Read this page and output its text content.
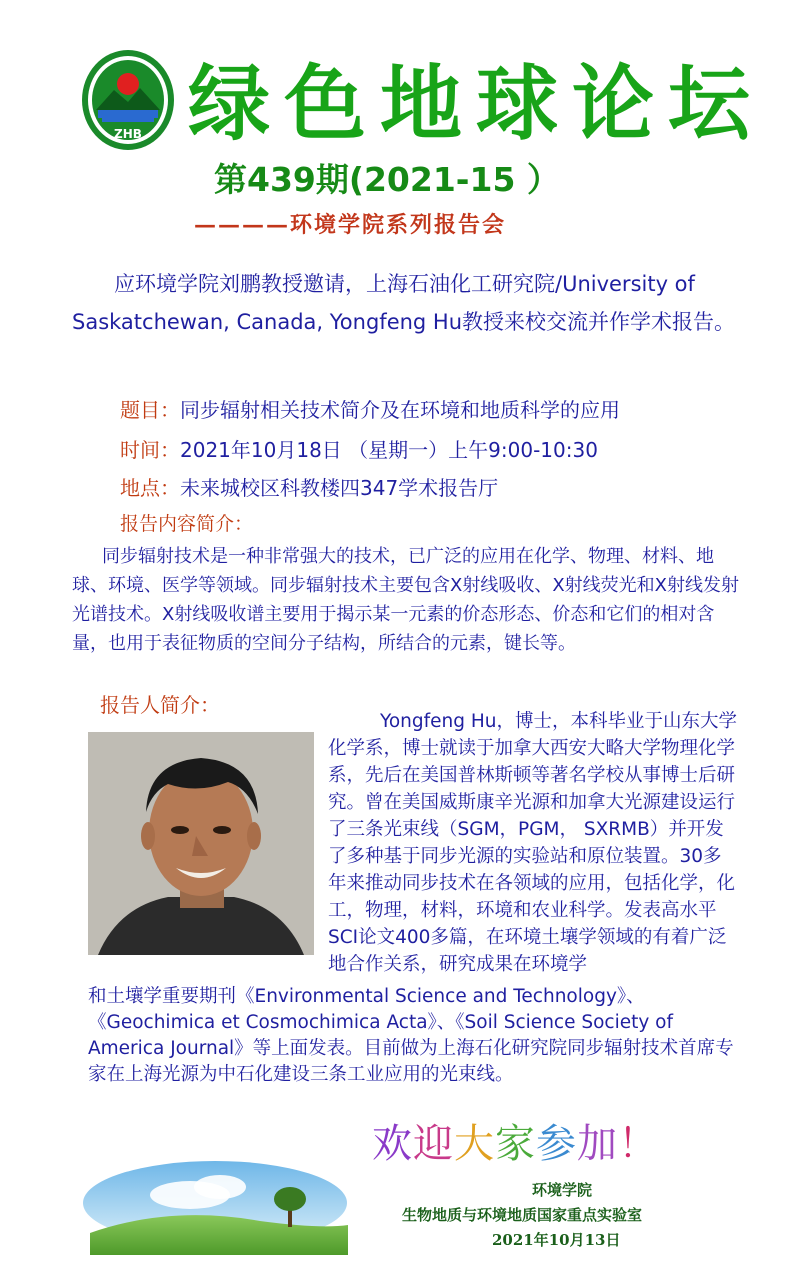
ZHB 绿色地球论坛
第439期(2021-15 ）
————环境学院系列报告会
应环境学院刘鹏教授邀请，上海石油化工研究院/University of Saskatchewan, Canada, Yongfeng Hu教授来校交流并作学术报告。
题目：同步辐射相关技术简介及在环境和地质科学的应用
时间：2021年10月18日 （星期一）上午9:00-10:30
地点：未来城校区科教楼四347学术报告厅
报告内容简介：
同步辐射技术是一种非常强大的技术，已广泛的应用在化学、物理、材料、地球、环境、医学等领域。同步辐射技术主要包含X射线吸收、X射线荧光和X射线发射光谱技术。X射线吸收谱主要用于揭示某一元素的价态形态、价态和它们的相对含量，也用于表征物质的空间分子结构，所结合的元素，键长等。
报告人简介：
Yongfeng Hu，博士，本科毕业于山东大学化学系，博士就读于加拿大西安大略大学物理化学系，先后在美国普林斯顿等著名学校从事博士后研究。曾在美国威斯康辛光源和加拿大光源建设运行了三条光束线（SGM，PGM， SXRMB）并开发了多种基于同步光源的实验站和原位装置。30多年来推动同步技术在各领域的应用，包括化学，化工，物理，材料，环境和农业科学。发表高水平SCI论文400多篇，在环境土壤学领域的有着广泛地合作关系，研究成果在环境学
和土壤学重要期刊《Environmental Science and Technology》、《Geochimica et Cosmochimica Acta》、《Soil Science Society of America Journal》等上面发表。目前做为上海石化研究院同步辐射技术首席专家在上海光源为中石化建设三条工业应用的光束线。
欢迎大家参加！
环境学院
生物地质与环境地质国家重点实验室
2021年10月13日
